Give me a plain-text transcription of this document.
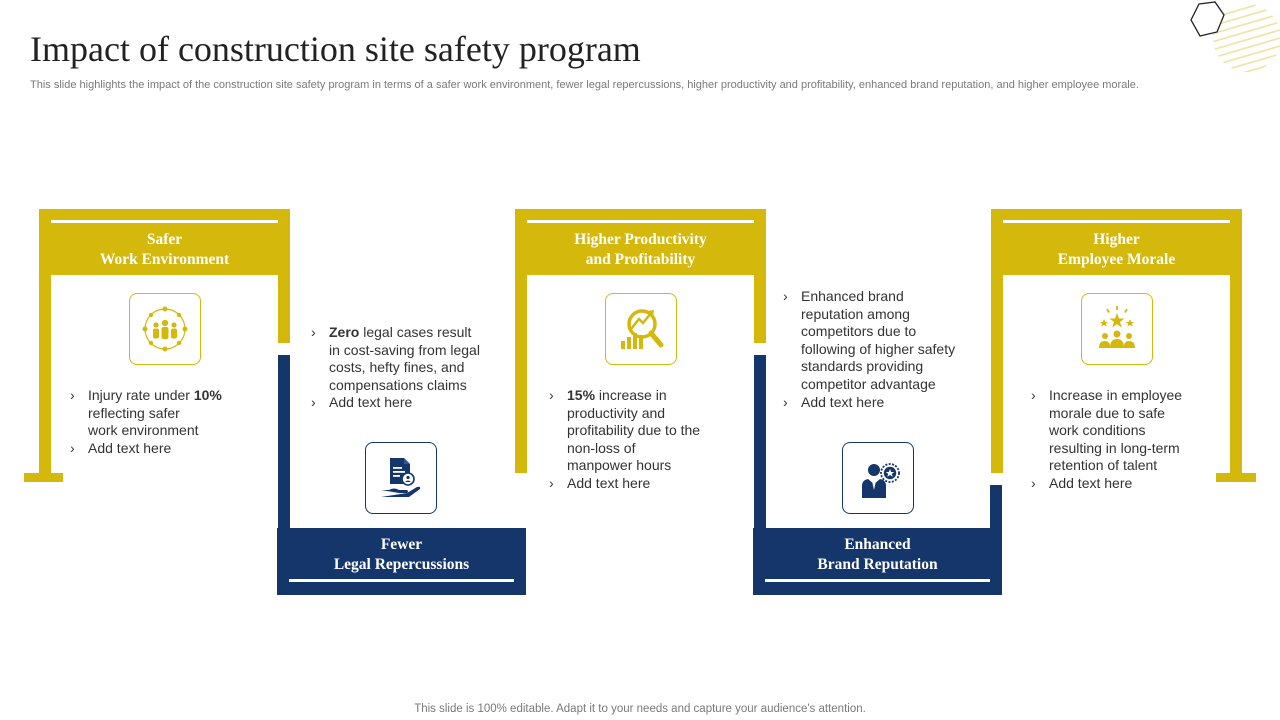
Impact of construction site safety program

This slide highlights the impact of the construction site safety program in terms of a safer work environment, fewer legal repercussions, higher productivity and profitability, enhanced brand reputation, and higher employee morale.

Safer
Work Environment
› Injury rate under 10%
reflecting safer
work environment
› Add text here
Fewer
Legal Repercussions
› Zero legal cases result
in cost-saving from legal
costs, hefty fines, and
compensations claims
› Add text here
Higher Productivity
and Profitability
› 15% increase in
productivity and
profitability due to the
non-loss of
manpower hours
› Add text here
Enhanced
Brand Reputation
› Enhanced brand
reputation among
competitors due to
following of higher safety
standards providing
competitor advantage
› Add text here
Higher
Employee Morale
› Increase in employee
morale due to safe
work conditions
resulting in long-term
retention of talent
› Add text here

This slide is 100% editable. Adapt it to your needs and capture your audience's attention.
